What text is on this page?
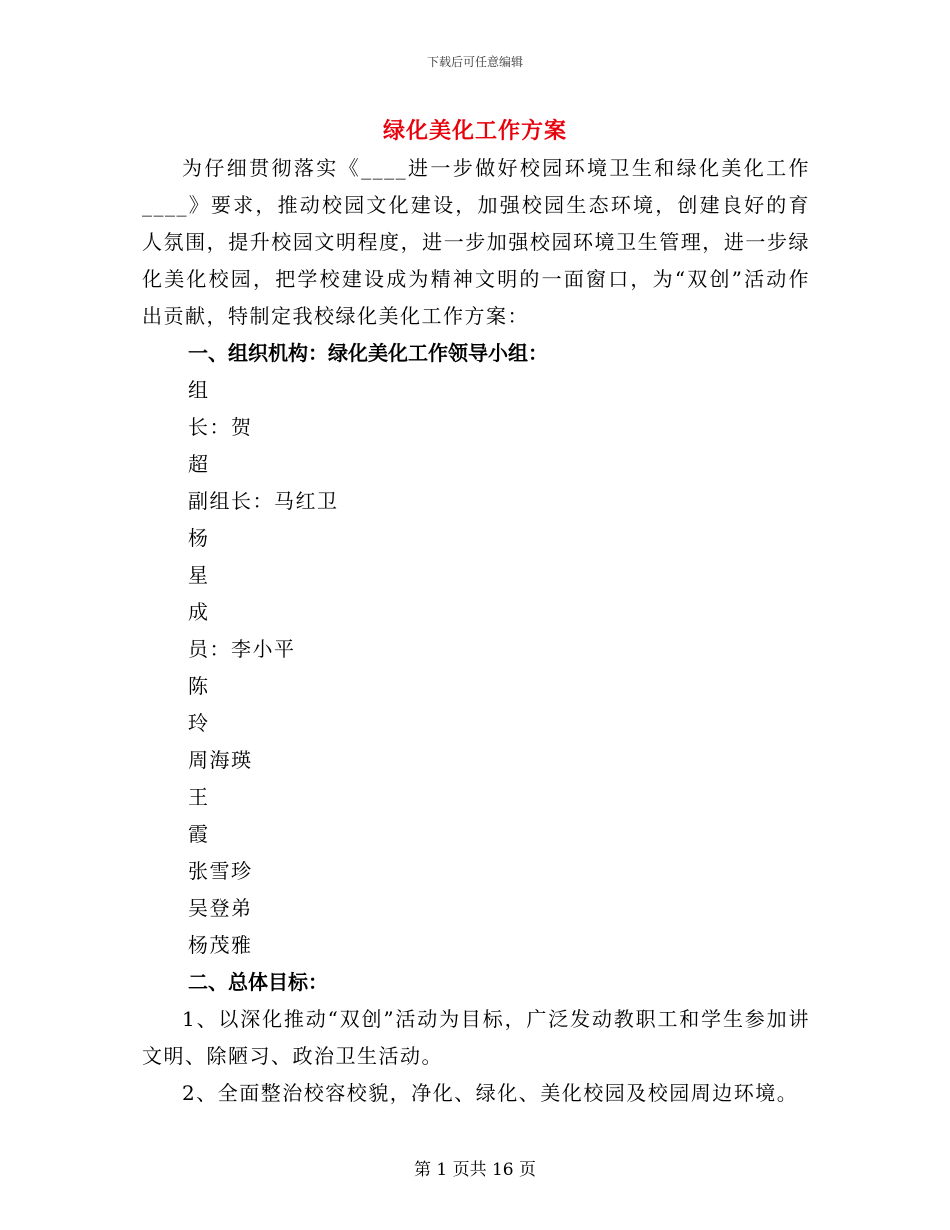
下载后可任意编辑
绿化美化工作方案

为仔细贯彻落实《____进一步做好校园环境卫生和绿化美化工作____》要求，推动校园文化建设，加强校园生态环境，创建良好的育人氛围，提升校园文明程度，进一步加强校园环境卫生管理，进一步绿化美化校园，把学校建设成为精神文明的一面窗口，为“双创”活动作出贡献，特制定我校绿化美化工作方案：

一、组织机构：绿化美化工作领导小组：

组

长：贺

超

副组长：马红卫

杨

星

成

员：李小平

陈

玲

周海瑛

王

霞

张雪珍

吴登弟

杨茂雅

二、总体目标：

1、以深化推动“双创”活动为目标，广泛发动教职工和学生参加讲文明、除陋习、政治卫生活动。

2、全面整治校容校貌，净化、绿化、美化校园及校园周边环境。

第 1 页共 16 页
